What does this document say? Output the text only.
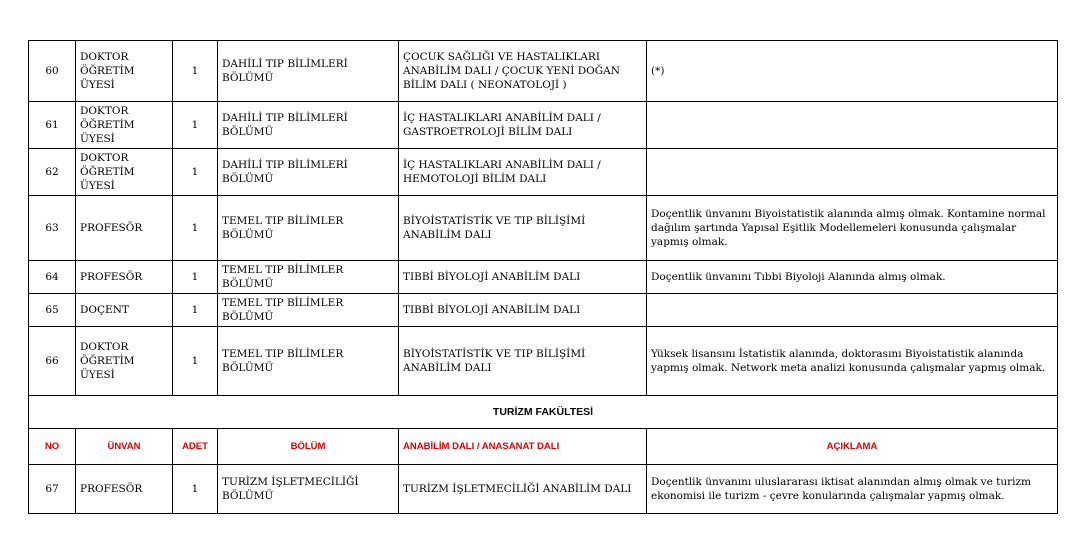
60	DOKTOR ÖĞRETİM ÜYESİ	1	DAHİLİ TIP BİLİMLERİ BÖLÜMÜ	ÇOCUK SAĞLIĞI VE HASTALIKLARI ANABİLİM DALI / ÇOCUK YENİ DOĞAN BİLİM DALI ( NEONATOLOJİ )	(*)
61	DOKTOR ÖĞRETİM ÜYESİ	1	DAHİLİ TIP BİLİMLERİ BÖLÜMÜ	İÇ HASTALIKLARI ANABİLİM DALI / GASTROETROLOJİ BİLİM DALI	
62	DOKTOR ÖĞRETİM ÜYESİ	1	DAHİLİ TIP BİLİMLERİ BÖLÜMÜ	İÇ HASTALIKLARI ANABİLİM DALI / HEMOTOLOJİ BİLİM DALI	
63	PROFESÖR	1	TEMEL TIP BİLİMLER BÖLÜMÜ	BİYOİSTATİSTİK VE TIP BİLİŞİMİ ANABİLİM DALI	Doçentlik ünvanını Biyoistatistik alanında almış olmak. Kontamine normal dağılım şartında Yapısal Eşitlik Modellemeleri konusunda çalışmalar yapmış olmak.
64	PROFESÖR	1	TEMEL TIP BİLİMLER BÖLÜMÜ	TIBBİ BİYOLOJİ ANABİLİM DALI	Doçentlik ünvanını Tıbbi Biyoloji Alanında almış olmak.
65	DOÇENT	1	TEMEL TIP BİLİMLER BÖLÜMÜ	TIBBİ BİYOLOJİ ANABİLİM DALI	
66	DOKTOR ÖĞRETİM ÜYESİ	1	TEMEL TIP BİLİMLER BÖLÜMÜ	BİYOİSTATİSTİK VE TIP BİLİŞİMİ ANABİLİM DALI	Yüksek lisansını İstatistik alanında, doktorasını Biyoistatistik alanında yapmış olmak. Network meta analizi konusunda çalışmalar yapmış olmak.
TURİZM FAKÜLTESİ					
NO	ÜNVAN	ADET	BÖLÜM	ANABİLİM DALI / ANASANAT DALI	AÇIKLAMA
67	PROFESÖR	1	TURİZM İŞLETMECİLİĞİ BÖLÜMÜ	TURİZM İŞLETMECİLİĞİ ANABİLİM DALI	Doçentlik ünvanını uluslararası iktisat alanından almış olmak ve turizm ekonomisi ile turizm - çevre konularında çalışmalar yapmış olmak.
